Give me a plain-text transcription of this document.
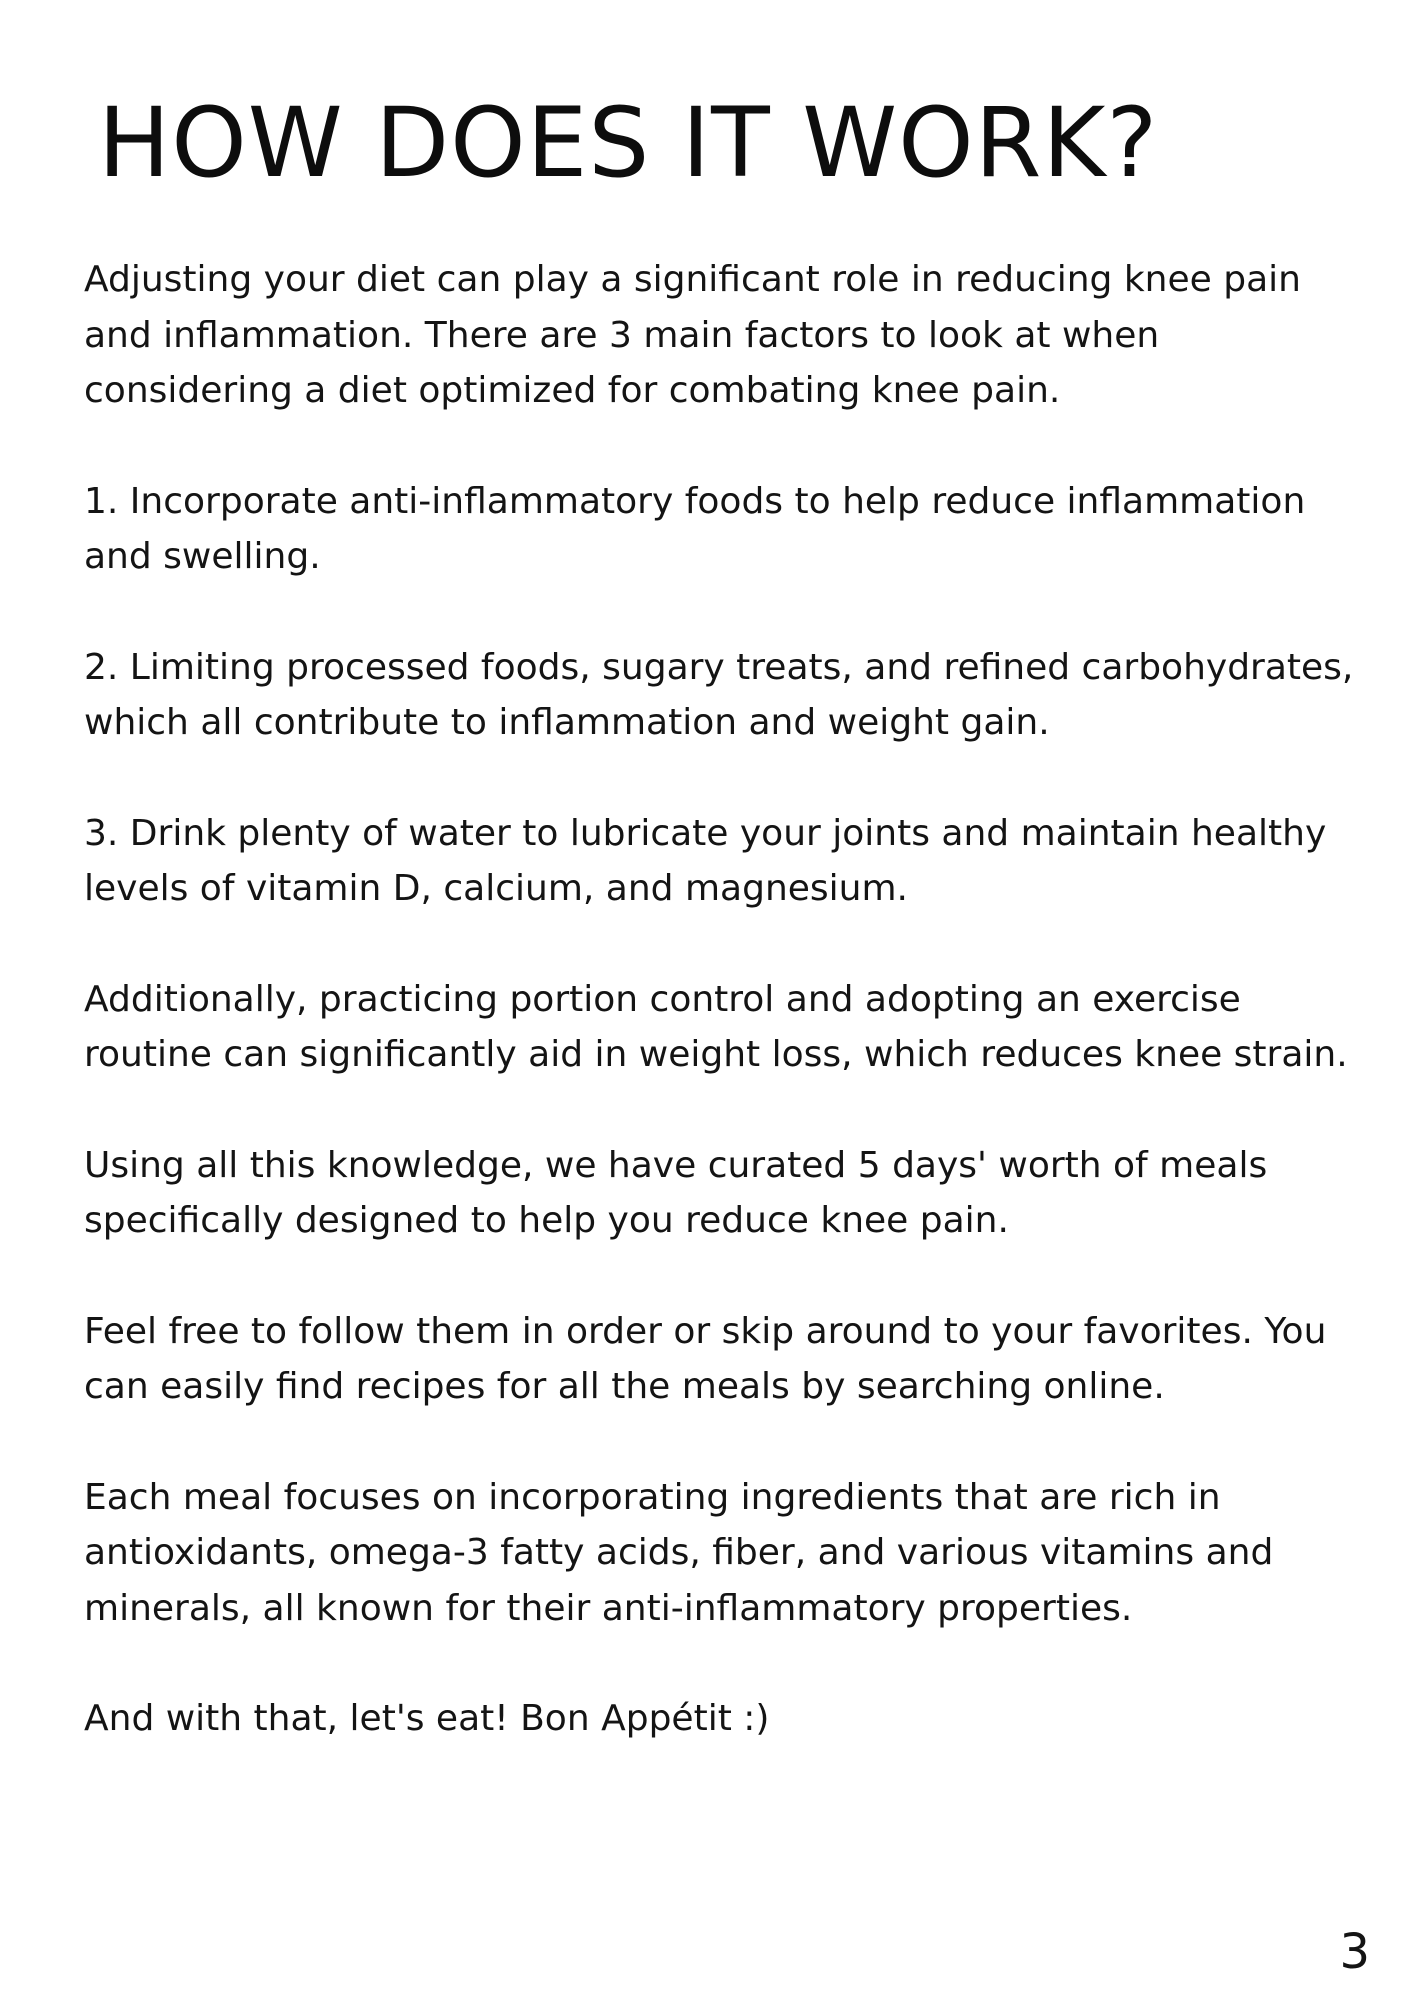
HOW DOES IT WORK?

Adjusting your diet can play a significant role in reducing knee pain and inflammation. There are 3 main factors to look at when considering a diet optimized for combating knee pain.

1. Incorporate anti-inflammatory foods to help reduce inflammation and swelling.

2. Limiting processed foods, sugary treats, and refined carbohydrates, which all contribute to inflammation and weight gain.

3. Drink plenty of water to lubricate your joints and maintain healthy levels of vitamin D, calcium, and magnesium.

Additionally, practicing portion control and adopting an exercise routine can significantly aid in weight loss, which reduces knee strain.

Using all this knowledge, we have curated 5 days' worth of meals specifically designed to help you reduce knee pain.

Feel free to follow them in order or skip around to your favorites. You can easily find recipes for all the meals by searching online.

Each meal focuses on incorporating ingredients that are rich in antioxidants, omega-3 fatty acids, fiber, and various vitamins and minerals, all known for their anti-inflammatory properties.

And with that, let's eat! Bon Appétit :)

3
